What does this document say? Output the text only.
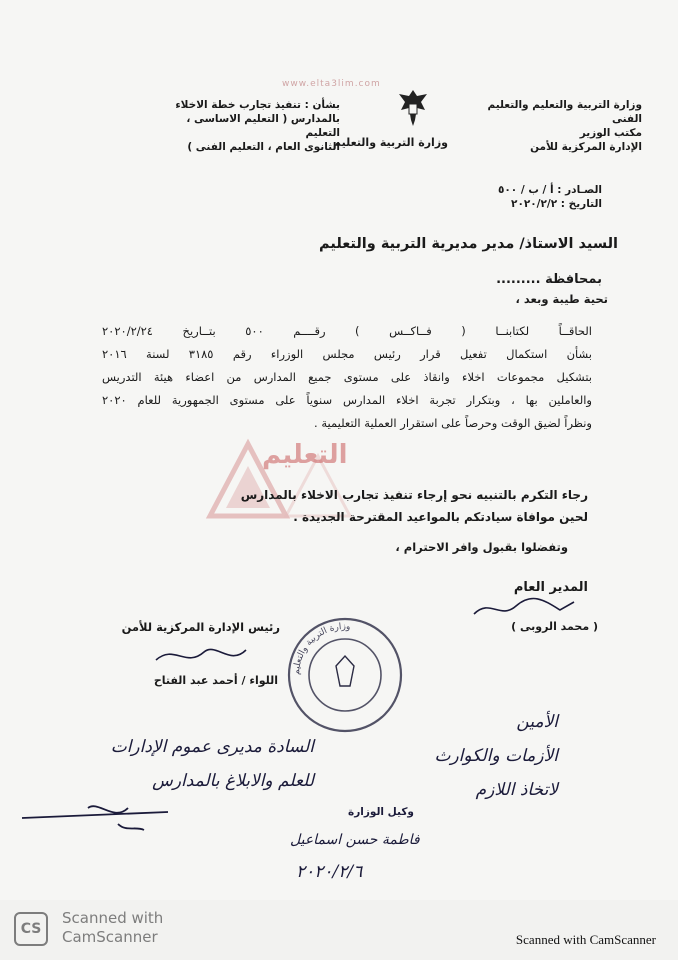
www.elta3lim.com
وزارة التربية والتعليم والتعليم الفنى
مكتب الوزير
الإدارة المركزية للأمن
وزارة التربية والتعليم
بشأن : تنفيذ تجارب خطة الاخلاء
بالمدارس ( التعليم الاساسى ، التعليم
الثانوى العام ، التعليم الفنى )
الصـادر : أ / ب / ٥٠٠
التاريخ : ٢٠٢٠/٢/٢
السيد الاستاذ/ مدير مديرية التربية والتعليم
بمحافظة .........
تحية طيبة وبعد ،
الحاقــاً لكتابنــا ( فــاكــس ) رقــــم ٥٠٠ بتــاريخ ٢٠٢٠/٢/٢٤
بشأن استكمال تفعيل قرار رئيس مجلس الوزراء رقم ٣١٨٥ لسنة ٢٠١٦
بتشكيل مجموعات اخلاء وانقاذ على مستوى جميع المدارس من اعضاء هيئة التدريس
والعاملين بها ، وبتكرار تجربة اخلاء المدارس سنوياً على مستوى الجمهورية للعام ٢٠٢٠
ونظراً لضيق الوقت وحرصاً على استقرار العملية التعليمية .
التعليم
رجاء التكرم بالتنبيه نحو إرجاء تنفيذ تجارب الاخلاء بالمدارس
لحين موافاة سيادتكم بالمواعيد المقترحة الجديدة .
وتفضلوا بقبول وافر الاحترام ،
المدير العام
( محمد الروبى )
رئيس الإدارة المركزية للأمن
اللواء / أحمد عبد الفتاح
وزارة التربية والتعليم
السادة مديرى عموم الإدارات
للعلم والابلاغ بالمدارس
الأمين
الأزمات والكوارث
لاتخاذ اللازم
وكيل الوزارة
فاطمة حسن اسماعيل
٢٠٢٠/٢/٦
CS
Scanned with
CamScanner	Scanned with CamScanner
